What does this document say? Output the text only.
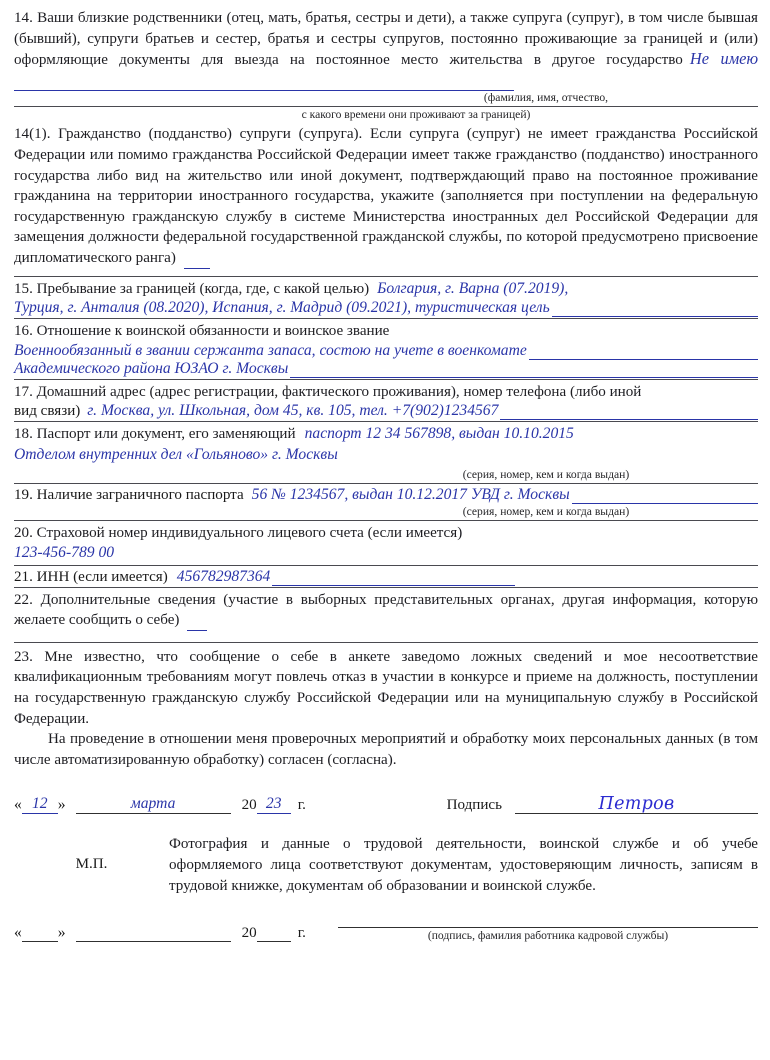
14. Ваши близкие родственники (отец, мать, братья, сестры и дети), а также супруга (супруг), в том числе бывшая (бывший), супруги братьев и сестер, братья и сестры супругов, постоянно проживающие за границей и (или) оформляющие документы для выезда на постоянное место жительства в другое государство Не имею
(фамилия, имя, отчество,
с какого времени они проживают за границей)
14(1). Гражданство (подданство) супруги (супруга). Если супруга (супруг) не имеет гражданства Российской Федерации или помимо гражданства Российской Федерации имеет также гражданство (подданство) иностранного государства либо вид на жительство или иной документ, подтверждающий право на постоянное проживание гражданина на территории иностранного государства, укажите (заполняется при поступлении на федеральную государственную гражданскую службу в системе Министерства иностранных дел Российской Федерации для замещения должности федеральной государственной гражданской службы, по которой предусмотрено присвоение дипломатического ранга)
15. Пребывание за границей (когда, где, с какой целью) Болгария, г. Варна (07.2019),
Турция, г. Анталия (08.2020), Испания, г. Мадрид (09.2021), туристическая цель
16. Отношение к воинской обязанности и воинское звание
Военнообязанный в звании сержанта запаса, состою на учете в военкомате
Академического района ЮЗАО г. Москвы
17. Домашний адрес (адрес регистрации, фактического проживания), номер телефона (либо иной
вид связи) г. Москва, ул. Школьная, дом 45, кв. 105, тел. +7(902)1234567
18. Паспорт или документ, его заменяющий паспорт 12 34 567898, выдан 10.10.2015
Отделом внутренних дел «Гольяново» г. Москвы
(серия, номер, кем и когда выдан)
19. Наличие заграничного паспорта 56 № 1234567, выдан 10.12.2017 УВД г. Москвы
(серия, номер, кем и когда выдан)
20. Страховой номер индивидуального лицевого счета (если имеется)
123-456-789 00
21. ИНН (если имеется) 456782987364
22. Дополнительные сведения (участие в выборных представительных органах, другая информация, которую желаете сообщить о себе)
23. Мне известно, что сообщение о себе в анкете заведомо ложных сведений и мое несоответствие квалификационным требованиям могут повлечь отказ в участии в конкурсе и приеме на должность, поступлении на государственную гражданскую службу Российской Федерации или на муниципальную службу в Российской Федерации.
На проведение в отношении меня проверочных мероприятий и обработку моих персональных данных (в том числе автоматизированную обработку) согласен (согласна).
« 12 »	марта	20 23	г.	Подпись	Петров
М.П.
Фотография и данные о трудовой деятельности, воинской службе и об учебе оформляемого лица соответствуют документам, удостоверяющим личность, записям в трудовой книжке, документам об образовании и воинской службе.
« »	20	г.	(подпись, фамилия работника кадровой службы)
